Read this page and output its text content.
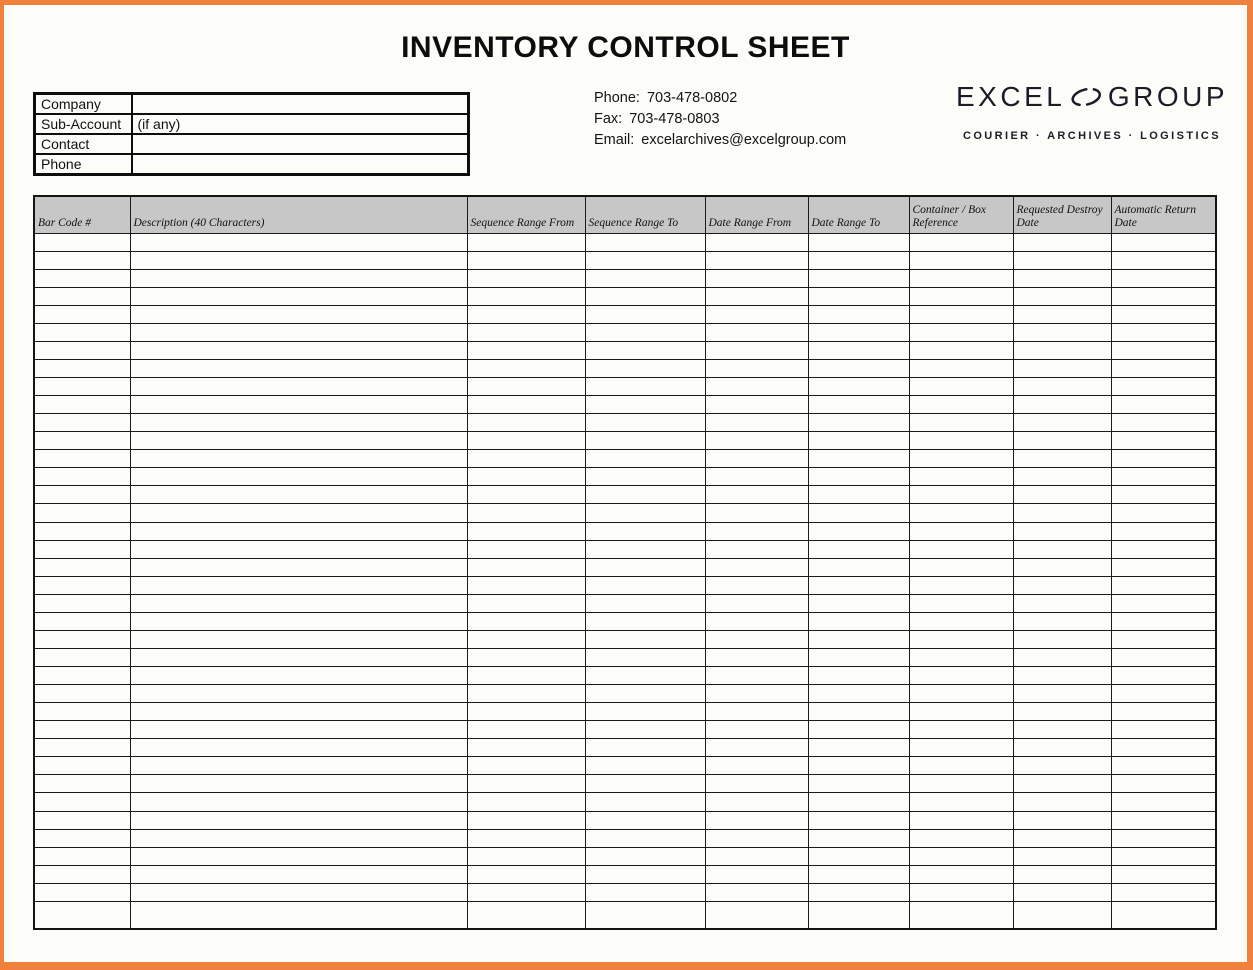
INVENTORY CONTROL SHEET
Company	
Sub-Account	(if any)
Contact	
Phone	
Phone: 703-478-0802
Fax: 703-478-0803
Email: excelarchives@excelgroup.com
EXCEL GROUP
COURIER · ARCHIVES · LOGISTICS
Bar Code #	Description (40 Characters)	Sequence Range From	Sequence Range To	Date Range From	Date Range To	Container / Box Reference	Requested Destroy Date	Automatic Return Date
